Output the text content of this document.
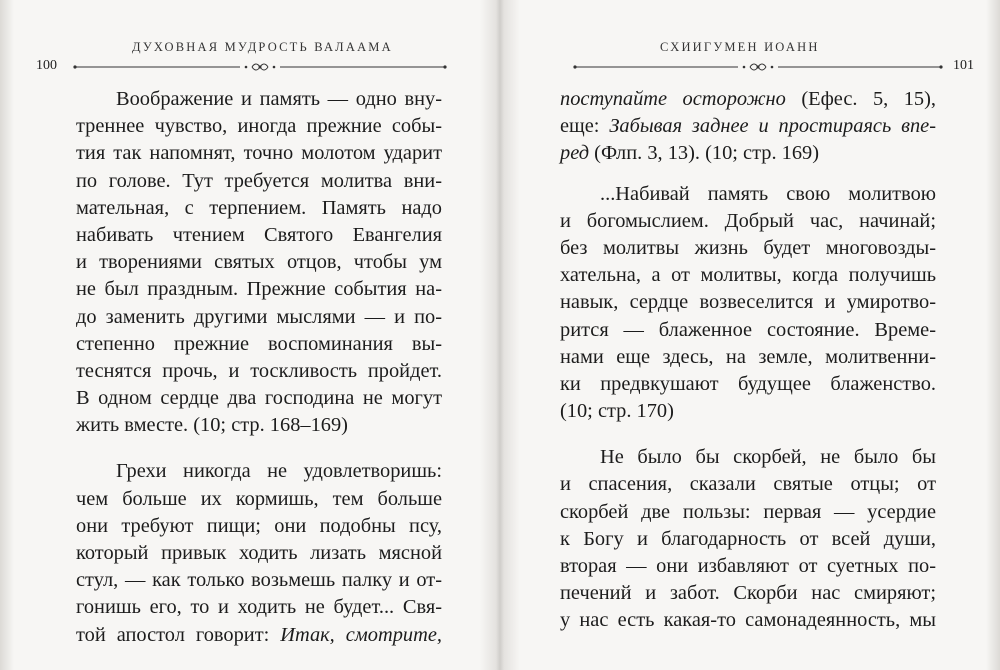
ДУХОВНАЯ МУДРОСТЬ ВАЛААМА
100
Воображение и память — одно вну-
треннее чувство, иногда прежние собы-
тия так напомнят, точно молотом ударит
по голове. Тут требуется молитва вни-
мательная, с терпением. Память надо
набивать чтением Святого Евангелия
и творениями святых отцов, чтобы ум
не был праздным. Прежние события на-
до заменить другими мыслями — и по-
степенно прежние воспоминания вы-
теснятся прочь, и тоскливость пройдет.
В одном сердце два господина не могут
жить вместе. (10; стр. 168–169)
Грехи никогда не удовлетворишь:
чем больше их кормишь, тем больше
они требуют пищи; они подобны псу,
который привык ходить лизать мясной
стул, — как только возьмешь палку и от-
гонишь его, то и ходить не будет... Свя-
той апостол говорит: Итак, смотрите,
СХИИГУМЕН ИОАНН
101
поступайте осторожно (Ефес. 5, 15),
еще: Забывая заднее и простираясь впе-
ред (Флп. 3, 13). (10; стр. 169)
...Набивай память свою молитвою
и богомыслием. Добрый час, начинай;
без молитвы жизнь будет многовозды-
хательна, а от молитвы, когда получишь
навык, сердце возвеселится и умиротво-
рится — блаженное состояние. Време-
нами еще здесь, на земле, молитвенни-
ки предвкушают будущее блаженство.
(10; стр. 170)
Не было бы скорбей, не было бы
и спасения, сказали святые отцы; от
скорбей две пользы: первая — усердие
к Богу и благодарность от всей души,
вторая — они избавляют от суетных по-
печений и забот. Скорби нас смиряют;
у нас есть какая-то самонадеянность, мы
